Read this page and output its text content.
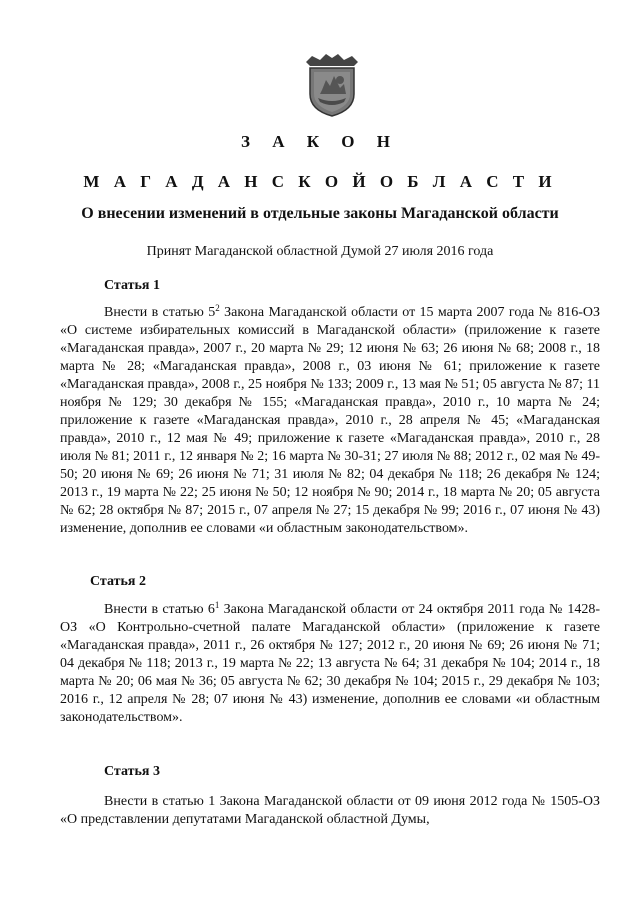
З А К О Н
М А Г А Д А Н С К О Й О Б Л А С Т И
О внесении изменений в отдельные законы Магаданской области
Принят Магаданской областной Думой 27 июля 2016 года
Статья 1

Внести в статью $5^2$ Закона Магаданской области от 15 марта 2007 года № 816-ОЗ «О системе избирательных комиссий в Магаданской области» (приложение к газете «Магаданская правда», 2007 г., 20 марта № 29; 12 июня № 63; 26 июня № 68; 2008 г., 18 марта № 28; «Магаданская правда», 2008 г., 03 июня № 61; приложение к газете «Магаданская правда», 2008 г., 25 ноября № 133; 2009 г., 13 мая № 51; 05 августа № 87; 11 ноября № 129; 30 декабря № 155; «Магаданская правда», 2010 г., 10 марта № 24; приложение к газете «Магаданская правда», 2010 г., 28 апреля № 45; «Магаданская правда», 2010 г., 12 мая № 49; приложение к газете «Магаданская правда», 2010 г., 28 июля № 81; 2011 г., 12 января № 2; 16 марта № 30-31; 27 июля № 88; 2012 г., 02 мая № 49-50; 20 июня № 69; 26 июня № 71; 31 июля № 82; 04 декабря № 118; 26 декабря № 124; 2013 г., 19 марта № 22; 25 июня № 50; 12 ноября № 90; 2014 г., 18 марта № 20; 05 августа № 62; 28 октября № 87; 2015 г., 07 апреля № 27; 15 декабря № 99; 2016 г., 07 июня № 43) изменение, дополнив ее словами «и областным законодательством».

Статья 2

Внести в статью $6^1$ Закона Магаданской области от 24 октября 2011 года № 1428-ОЗ «О Контрольно-счетной палате Магаданской области» (приложение к газете «Магаданская правда», 2011 г., 26 октября № 127; 2012 г., 20 июня № 69; 26 июня № 71; 04 декабря № 118; 2013 г., 19 марта № 22; 13 августа № 64; 31 декабря № 104; 2014 г., 18 марта № 20; 06 мая № 36; 05 августа № 62; 30 декабря № 104; 2015 г., 29 декабря № 103; 2016 г., 12 апреля № 28; 07 июня № 43) изменение, дополнив ее словами «и областным законодательством».

Статья 3

Внести в статью 1 Закона Магаданской области от 09 июня 2012 года № 1505-ОЗ «О представлении депутатами Магаданской областной Думы,
